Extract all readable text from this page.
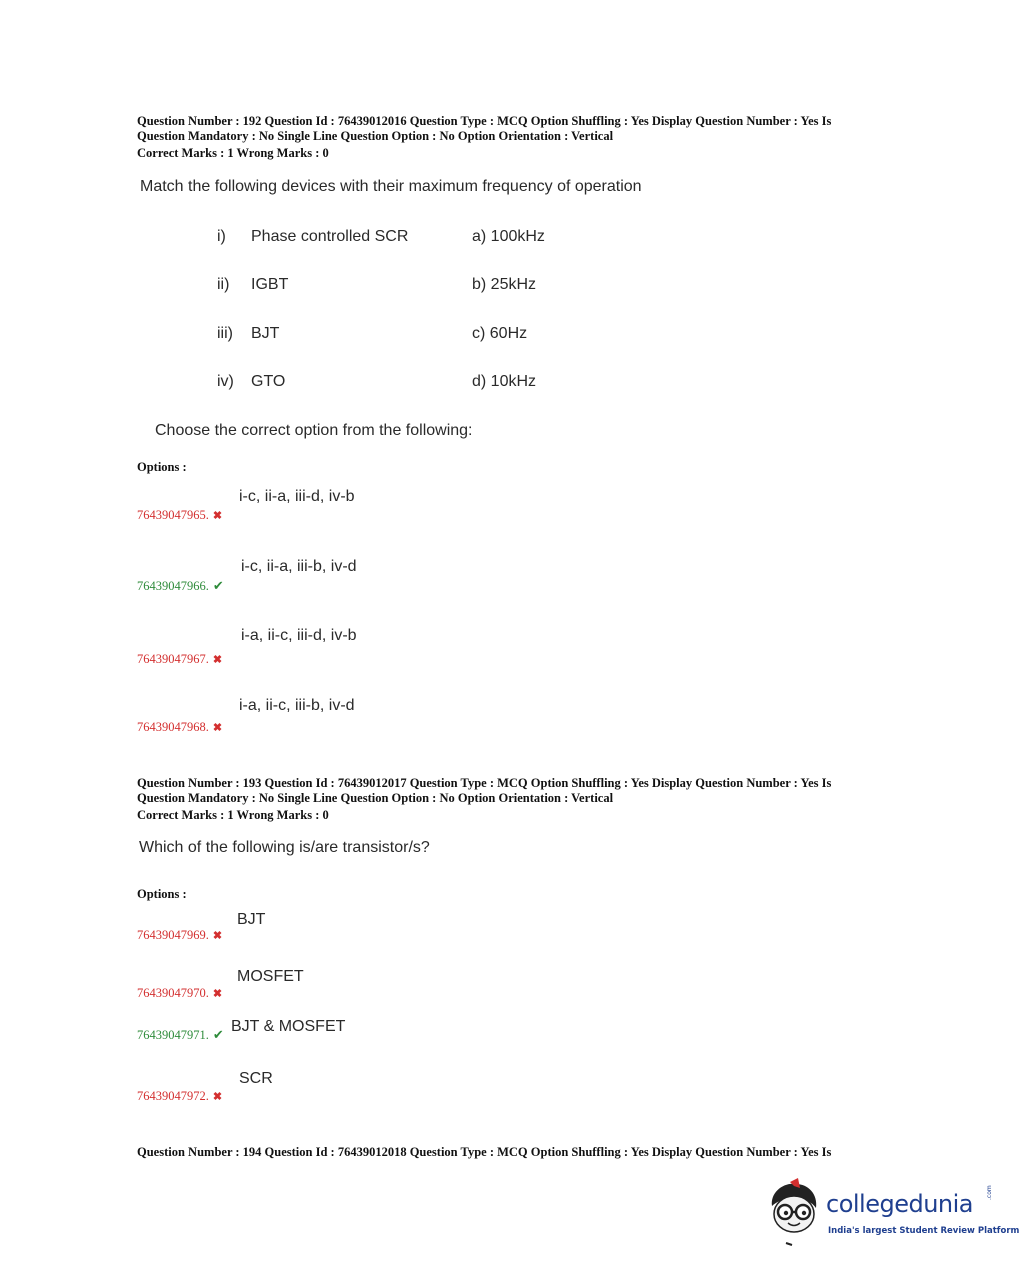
Question Number : 192 Question Id : 76439012016 Question Type : MCQ Option Shuffling : Yes Display Question Number : Yes Is
Question Mandatory : No Single Line Question Option : No Option Orientation : Vertical
Correct Marks : 1 Wrong Marks : 0
Match the following devices with their maximum frequency of operation
i) Phase controlled SCR	a) 100kHz
ii) IGBT	b) 25kHz
iii) BJT	c) 60Hz
iv) GTO	d) 10kHz
Choose the correct option from the following:
Options :
i-c, ii-a, iii-d, iv-b
76439047965. ✖
i-c, ii-a, iii-b, iv-d
76439047966. ✔
i-a, ii-c, iii-d, iv-b
76439047967. ✖
i-a, ii-c, iii-b, iv-d
76439047968. ✖
Question Number : 193 Question Id : 76439012017 Question Type : MCQ Option Shuffling : Yes Display Question Number : Yes Is
Question Mandatory : No Single Line Question Option : No Option Orientation : Vertical
Correct Marks : 1 Wrong Marks : 0
Which of the following is/are transistor/s?
Options :
BJT
76439047969. ✖
MOSFET
76439047970. ✖
76439047971. ✔ BJT & MOSFET
SCR
76439047972. ✖
Question Number : 194 Question Id : 76439012018 Question Type : MCQ Option Shuffling : Yes Display Question Number : Yes Is
collegedunia .com
India's largest Student Review Platform
